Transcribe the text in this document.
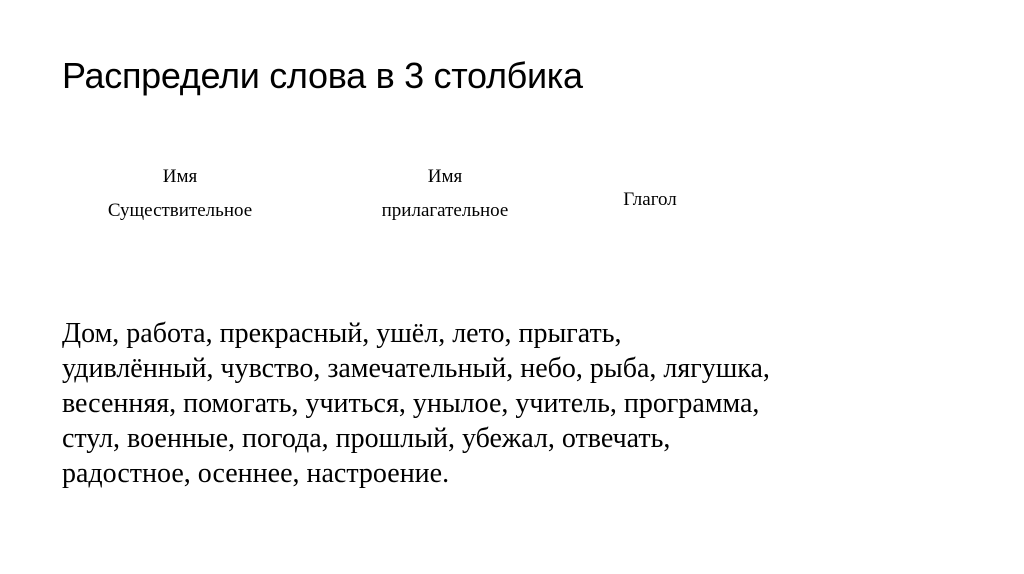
Распредели слова в 3 столбика
Имя
Существительное
Имя
прилагательное
Глагол
Дом, работа, прекрасный, ушёл, лето, прыгать,
удивлённый, чувство, замечательный, небо, рыба, лягушка,
весенняя, помогать, учиться, унылое, учитель, программа,
стул, военные, погода, прошлый, убежал, отвечать,
радостное, осеннее, настроение.
